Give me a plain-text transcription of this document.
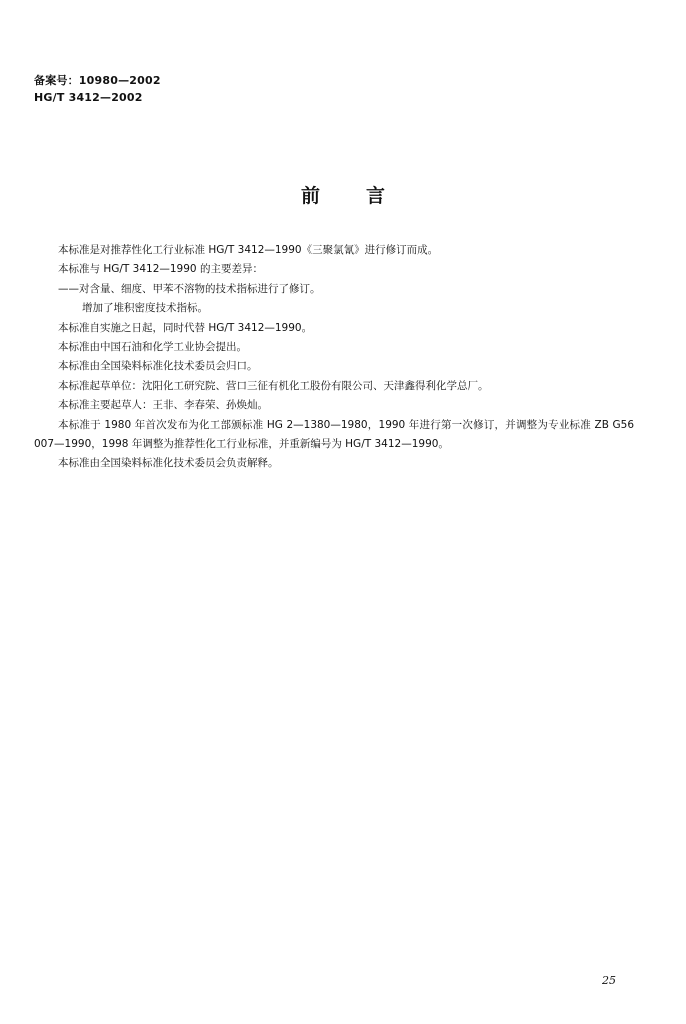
备案号：10980—2002
HG/T 3412—2002
前 言

本标准是对推荐性化工行业标准 HG/T 3412—1990《三聚氯氰》进行修订而成。

本标准与 HG/T 3412—1990 的主要差异：

——对含量、细度、甲苯不溶物的技术指标进行了修订。

增加了堆积密度技术指标。

本标准自实施之日起，同时代替 HG/T 3412—1990。

本标准由中国石油和化学工业协会提出。

本标准由全国染料标准化技术委员会归口。

本标准起草单位：沈阳化工研究院、营口三征有机化工股份有限公司、天津鑫得利化学总厂。

本标准主要起草人：王非、李春荣、孙焕灿。

本标准于 1980 年首次发布为化工部颁标准 HG 2—1380—1980，1990 年进行第一次修订，并调整为专业标准 ZB G56 007—1990，1998 年调整为推荐性化工行业标准，并重新编号为 HG/T 3412—1990。

本标准由全国染料标准化技术委员会负责解释。

25
